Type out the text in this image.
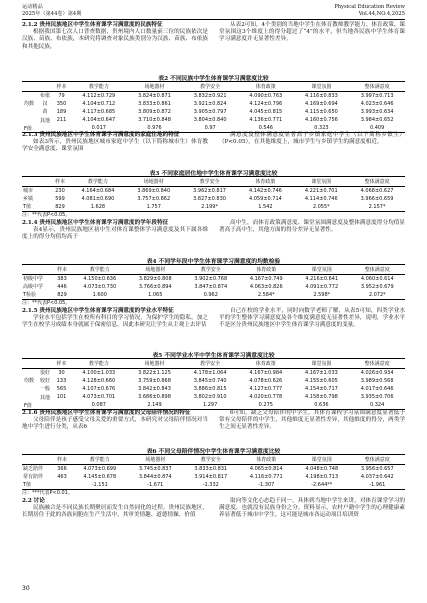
运动精品
2025年（第44卷）第4期
Physical Education Review
Vol.44,NO.4,2025

2.1.2 贵州民族地区中学生体育课学习满意度的民族特征

根据我国第七次人口普查数据，贵州境内人口数量前三位的民族依次是汉族、苗族、布依族，本研究将调查对象民族类别分为汉族、苗族、布依族和其他民族。

从表2可知，4个类别的当地中学生在体育教师教学能力、体育政策、课堂氛围这3个维度上的得分超过了“4”的水平，但当地各民族中学生体育课学习满意度并无显著性差异。

表2 不同民族中学生体育课学习满意度比较
		样本	教学能力	场地器材	教学安全	体育政策	课堂氛围	整体满意度
	布依	79	4.112±0.729	3.824±0.871	3.832±0.921	4.090±0.763	4.116±0.833	3.997±0.713
均数	汉	350	4.104±0.712	3.833±0.861	3.921±0.824	4.124±0.796	4.169±0.694	4.023±0.646
	苗	189	4.117±0.685	3.809±0.872	3.905±0.797	4.045±0.815	4.115±0.650	3.993±0.634
	其他	211	4.104±0.647	3.710±0.848	3.804±0.840	4.136±0.771	4.160±0.756	3.984±0.652
F值			0.017	0.976	0.97	0.546	0.323	0.409

2.1.3 贵州民族地区中学生体育课学习满意度的家庭住地的特征

如表3所示，贵州民族地区城市家庭中学生（以下简称城市生）体育教学安全满意度、课堂氛围

满意度及整体满意度显著高于乡镇家庭中学生（以下简称乡镇生）（P<0.05），在其他维度上，城市学生与乡镇学生的满意度相近。

表3 不同家庭居住地中学生体育课学习满意度比较
	样本	教学能力	场地器材	教学安全	体育政策	课堂氛围	整体满意度
城市	230	4.164±0.684	3.869±0.840	3.962±0.817	4.142±0.746	4.221±0.701	4.068±0.627
乡镇	599	4.081±0.690	3.757±0.862	3.827±0.830	4.059±0.714	4.114±0.746	3.966±0.659
T值	829	1.628	1.757	2.199*	1.542	2.055*	2.157*
注：**代表P<0.05。

2.1.4 贵州民族地区中学生体育课学习满意度的学年段特征

表4显示，贵州民族地区初中生对体育课整体学习满意度及其下属各维度上的得分均值均高于

高中生，而体育政策满意度、课堂氛围满意度及整体满意度得分均值显著高于高中生，其他方面的得分差异无显著性。

表4 不同学年段中学生体育课学习满意度的均数检验
	样本	教学能力	场地器材	教学安全	体育政策	课堂氛围	整体满意度
初级中学	383	4.150±0.636	3.829±0.808	3.902±0.768	4.167±0.749	4.216±0.641	4.060±0.614
高级中学	446	4.073±0.730	3.766±0.894	3.847±0.874	4.063±0.826	4.091±0.772	3.952±0.679
T检验	829	1.600	1.065	0.962	2.584*	2.598*	2.072*
注：**代表P<0.05。

2.1.5 贵州民族地区中学生体育课学习满意度的学业水平特征

学业水平包括学生在校所有科目的学习情况，为保护学生的隐私，加之学生在校学习成绩本身就属于保密信息，因此本研究让学生从主观上去评估

自己在校的学业水平，同时向数学老师了解，从表5可知，四类学业水平的学生整体学习满意度及各个维度满意度无显著性差异，说明，学业水平不是区分贵州民族地区中学生体育课学习满意度的变量。

表5 不同学业水平中学生体育课学习满意度比较
		样本	教学能力	场地器材	教学安全	体育政策	课堂氛围	整体满意度
	很好	30	4.100±1.033	3.822±1.125	4.178±1.064	4.167±0.984	4.167±1.033	4.026±0.934
均数	较好	133	4.128±0.660	3.759±0.868	3.845±0.740	4.078±0.626	4.155±0.605	3.989±0.568
	一般	565	4.107±0.676	3.842±0.843	3.886±0.815	4.127±0.777	4.154±0.717	4.017±0.646
	其他	101	4.073±0.701	3.686±0.898	3.802±0.910	4.020±0.778	4.158±0.798	3.935±0.706
F值			0.087	2.149	1.297	0.275	0.636	0.324

2.1.6 贵州民族地区中学生体育课学习满意度的父母陪伴情况的特征

父母陪伴是孩子感受父母关爱的重要方式，本研究对父母陪伴情况对当地中学生进行分类，从表6

6可知，缺乏父母陪伴的中学生，其体育课程学习氛围满意度显著低于常有父母陪伴的中学生，其他维度无显著性差异，其他维度的得分，两类学生之间无显著性差异。

表6 不同父母陪伴情况中学生体育课学习满意度比较
	样本	教学能力	场地器材	教学安全	体育政策	课堂氛围	整体满意度
缺乏陪伴	366	4.073±0.699	3.745±0.837	3.833±0.831	4.065±0.814	4.048±0.748	3.956±0.657
常有陪伴	463	4.145±0.678	3.844±0.874	3.914±0.817	4.116±0.771	4.198±0.713	4.037±0.642
T值		-1.151	-1.671	-1.332	-1.307	-2.644**	-1.961
注：***代表P<0.01。

2.2 讨论

民族融合是不同民族长期聚居而发生自然同化的过程。贵州民族地区，长期居住于此的各族同胞在生产生活中，其审美情趣、道德情操、价值

取向等文化心态趋于同一，具体到当地中学生来讲，对体育课堂学习的满意度，也就没有民族身份之分。资料显示，农村户籍中学生的心理健康素养显著低于城市中学生，这可能是城市各运动项目培训资

30
